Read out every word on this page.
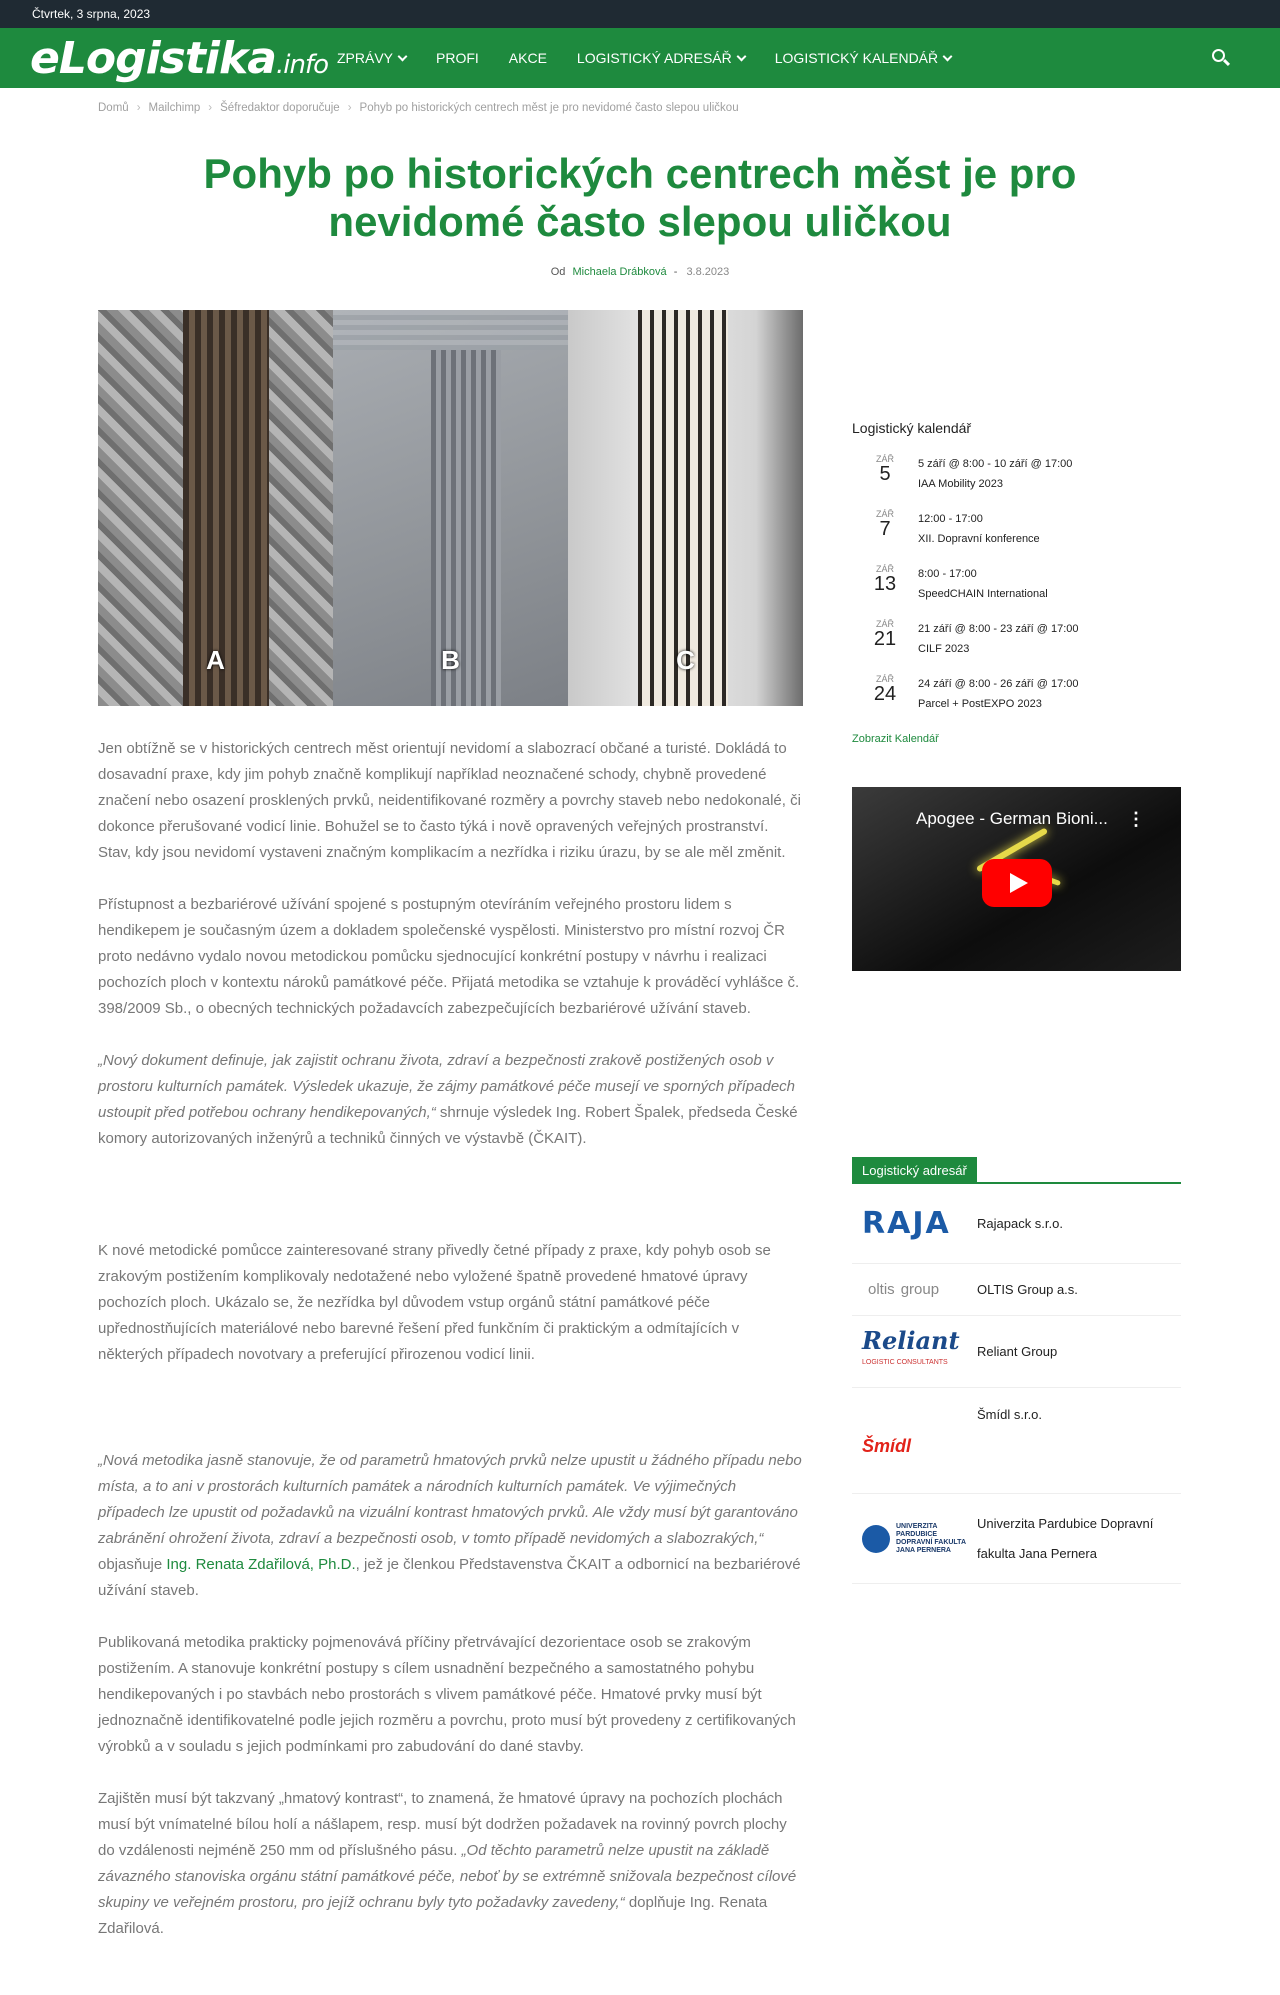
Čtvrtek, 3 srpna, 2023
eLogistika.info ZPRÁVY	PROFI AKCE LOGISTICKÝ ADRESÁŘ	LOGISTICKÝ KALENDÁŘ
Domů › Mailchimp › Šéfredaktor doporučuje › Pohyb po historických centrech měst je pro nevidomé často slepou uličkou
Pohyb po historických centrech měst je pro nevidomé často slepou uličkou
Od Michaela Drábková - 3.8.2023
A	B	C

Jen obtížně se v historických centrech měst orientují nevidomí a slabozrací občané a turisté. Dokládá to dosavadní praxe, kdy jim pohyb značně komplikují například neoznačené schody, chybně provedené značení nebo osazení prosklených prvků, neidentifikované rozměry a povrchy staveb nebo nedokonalé, či dokonce přerušované vodicí linie. Bohužel se to často týká i nově opravených veřejných prostranství. Stav, kdy jsou nevidomí vystaveni značným komplikacím a nezřídka i riziku úrazu, by se ale měl změnit.

Přístupnost a bezbariérové užívání spojené s postupným otevíráním veřejného prostoru lidem s hendikepem je současným územ a dokladem společenské vyspělosti. Ministerstvo pro místní rozvoj ČR proto nedávno vydalo novou metodickou pomůcku sjednocující konkrétní postupy v návrhu i realizaci pochozích ploch v kontextu nároků památkové péče. Přijatá metodika se vztahuje k prováděcí vyhlášce č. 398/2009 Sb., o obecných technických požadavcích zabezpečujících bezbariérové užívání staveb.

„Nový dokument definuje, jak zajistit ochranu života, zdraví a bezpečnosti zrakově postižených osob v prostoru kulturních památek. Výsledek ukazuje, že zájmy památkové péče musejí ve sporných případech ustoupit před potřebou ochrany hendikepovaných,“ shrnuje výsledek Ing. Robert Špalek, předseda České komory autorizovaných inženýrů a techniků činných ve výstavbě (ČKAIT).

K nové metodické pomůcce zainteresované strany přivedly četné případy z praxe, kdy pohyb osob se zrakovým postižením komplikovaly nedotažené nebo vyložené špatně provedené hmatové úpravy pochozích ploch. Ukázalo se, že nezřídka byl důvodem vstup orgánů státní památkové péče upřednostňujících materiálové nebo barevné řešení před funkčním či praktickým a odmítajících v některých případech novotvary a preferující přirozenou vodicí linii.

„Nová metodika jasně stanovuje, že od parametrů hmatových prvků nelze upustit u žádného případu nebo místa, a to ani v prostorách kulturních památek a národních kulturních památek. Ve výjimečných případech lze upustit od požadavků na vizuální kontrast hmatových prvků. Ale vždy musí být garantováno zabránění ohrožení života, zdraví a bezpečnosti osob, v tomto případě nevidomých a slabozrakých,“ objasňuje Ing. Renata Zdařilová, Ph.D., jež je členkou Představenstva ČKAIT a odbornicí na bezbariérové užívání staveb.

Publikovaná metodika prakticky pojmenovává příčiny přetrvávající dezorientace osob se zrakovým postižením. A stanovuje konkrétní postupy s cílem usnadnění bezpečného a samostatného pohybu hendikepovaných i po stavbách nebo prostorách s vlivem památkové péče. Hmatové prvky musí být jednoznačně identifikovatelné podle jejich rozměru a povrchu, proto musí být provedeny z certifikovaných výrobků a v souladu s jejich podmínkami pro zabudování do dané stavby.

Zajištěn musí být takzvaný „hmatový kontrast“, to znamená, že hmatové úpravy na pochozích plochách musí být vnímatelné bílou holí a nášlapem, resp. musí být dodržen požadavek na rovinný povrch plochy do vzdálenosti nejméně 250 mm od příslušného pásu. „Od těchto parametrů nelze upustit na základě závazného stanoviska orgánu státní památkové péče, neboť by se extrémně snižovala bezpečnost cílové skupiny ve veřejném prostoru, pro jejíž ochranu byly tyto požadavky zavedeny,“ doplňuje Ing. Renata Zdařilová.

Logistický kalendář
ZÁŘ
5	5 září @ 8:00 - 10 září @ 17:00
IAA Mobility 2023
ZÁŘ
7	12:00 - 17:00
XII. Dopravní konference
ZÁŘ
13	8:00 - 17:00
SpeedCHAIN International
ZÁŘ
21	21 září @ 8:00 - 23 září @ 17:00
CILF 2023
ZÁŘ
24	24 září @ 8:00 - 26 září @ 17:00
Parcel + PostEXPO 2023
Zobrazit Kalendář
Apogee - German Bioni... ⋮
Logistický adresář
RAJA	Rajapack s.r.o.
oltis group	OLTIS Group a.s.
Reliant
LOGISTIC CONSULTANTS
Reliant Group
Šmídl
Šmídl s.r.o.
UNIVERZITA PARDUBICE DOPRAVNÍ FAKULTA JANA PERNERA
Univerzita Pardubice Dopravní fakulta Jana Pernera
